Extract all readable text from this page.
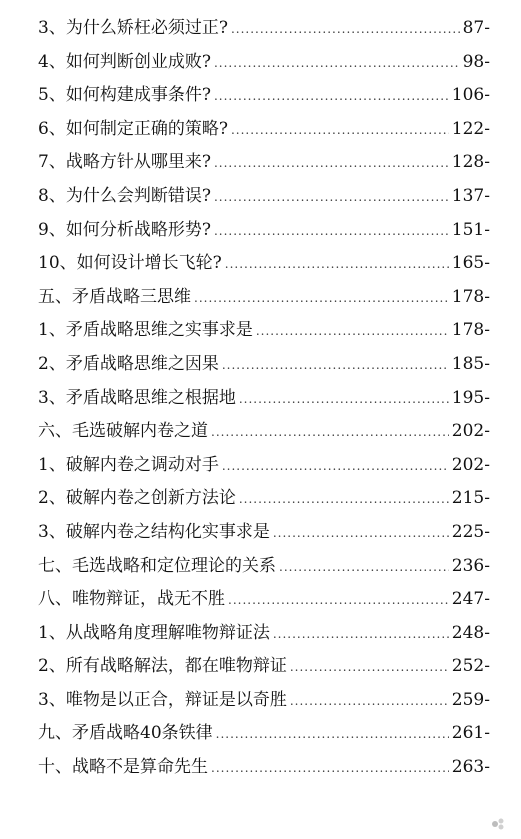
3、为什么矫枉必须过正? .....	87-
4、如何判断创业成败? .....	98-
5、如何构建成事条件? .....	106-
6、如何制定正确的策略? .....	122-
7、战略方针从哪里来? .....	128-
8、为什么会判断错误? .....	137-
9、如何分析战略形势? .....	151-
10、如何设计增长飞轮? .....	165-
五、矛盾战略三思维 .....	178-
1、矛盾战略思维之实事求是 .....	178-
2、矛盾战略思维之因果 .....	185-
3、矛盾战略思维之根据地 .....	195-
六、毛选破解内卷之道 .....	202-
1、破解内卷之调动对手 .....	202-
2、破解内卷之创新方法论 .....	215-
3、破解内卷之结构化实事求是 .....	225-
七、毛选战略和定位理论的关系 .....	236-
八、唯物辩证，战无不胜 .....	247-
1、从战略角度理解唯物辩证法 .....	248-
2、所有战略解法，都在唯物辩证 .....	252-
3、唯物是以正合，辩证是以奇胜 .....	259-
九、矛盾战略40条铁律 .....	261-
十、战略不是算命先生 .....	263-
